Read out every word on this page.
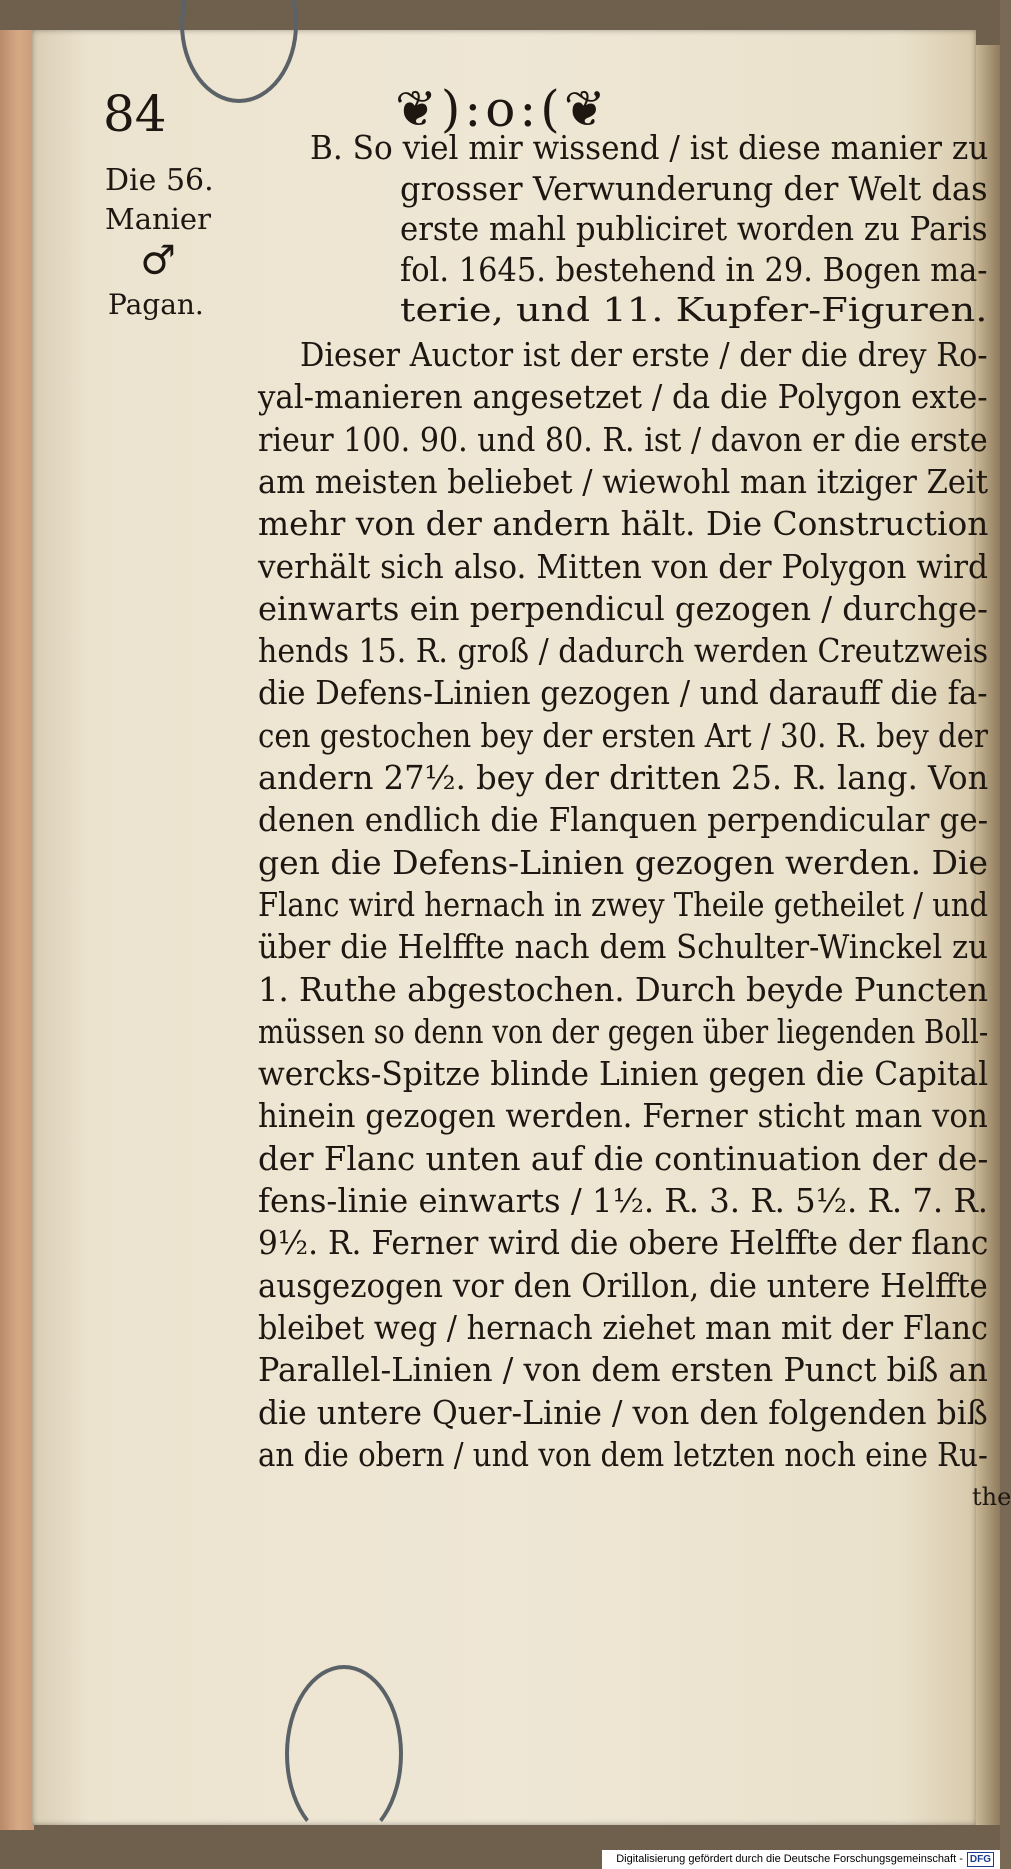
84	❦):o:(❦
Die 56.
Manier
♂
Pagan.
B. So viel mir wissend / ist diese manier zu
grosser Verwunderung der Welt das
erste mahl publiciret worden zu Paris
fol. 1645. bestehend in 29. Bogen ma-
terie, und 11. Kupfer-Figuren.
Dieser Auctor ist der erste / der die drey Ro-
yal-manieren angesetzet / da die Polygon exte-
rieur 100. 90. und 80. R. ist / davon er die erste
am meisten beliebet / wiewohl man itziger Zeit
mehr von der andern hält. Die Construction
verhält sich also. Mitten von der Polygon wird
einwarts ein perpendicul gezogen / durchge-
hends 15. R. groß / dadurch werden Creutzweis
die Defens-Linien gezogen / und darauff die fa-
cen gestochen bey der ersten Art / 30. R. bey der
andern 27½. bey der dritten 25. R. lang. Von
denen endlich die Flanquen perpendicular ge-
gen die Defens-Linien gezogen werden. Die
Flanc wird hernach in zwey Theile getheilet / und
über die Helffte nach dem Schulter-Winckel zu
1. Ruthe abgestochen. Durch beyde Puncten
müssen so denn von der gegen über liegenden Boll-
wercks-Spitze blinde Linien gegen die Capital
hinein gezogen werden. Ferner sticht man von
der Flanc unten auf die continuation der de-
fens-linie einwarts / 1½. R. 3. R. 5½. R. 7. R.
9½. R. Ferner wird die obere Helffte der flanc
ausgezogen vor den Orillon, die untere Helffte
bleibet weg / hernach ziehet man mit der Flanc
Parallel-Linien / von dem ersten Punct biß an
die untere Quer-Linie / von den folgenden biß
an die obern / und von dem letzten noch eine Ru-
the
Digitalisierung gefördert durch die Deutsche Forschungsgemeinschaft - DFG
